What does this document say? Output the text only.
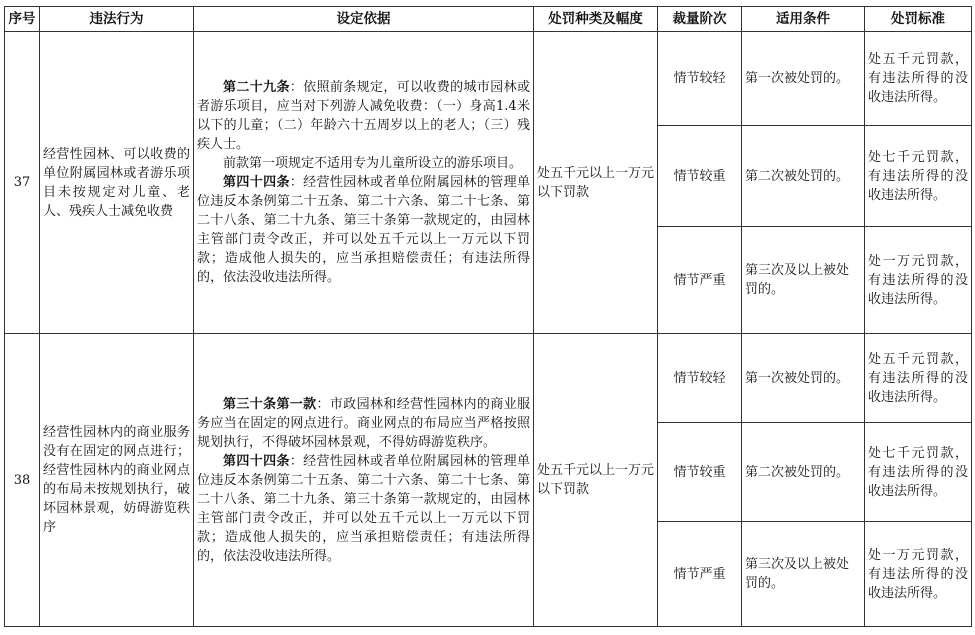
序号	违法行为	设定依据	处罚种类及幅度	裁量阶次	适用条件	处罚标准
37	经营性园林、可以收费的单位附属园林或者游乐项目未按规定对儿童、老人、残疾人士减免收费	第二十九条：依照前条规定，可以收费的城市园林或者游乐项目，应当对下列游人减免收费：（一）身高1.4米以下的儿童；（二）年龄六十五周岁以上的老人；（三）残疾人士。

前款第一项规定不适用专为儿童所设立的游乐项目。

第四十四条：经营性园林或者单位附属园林的管理单位违反本条例第二十五条、第二十六条、第二十七条、第二十八条、第二十九条、第三十条第一款规定的，由园林主管部门责令改正，并可以处五千元以上一万元以下罚款；造成他人损失的，应当承担赔偿责任；有违法所得的，依法没收违法所得。	处五千元以上一万元以下罚款	情节较轻	第一次被处罚的。	处五千元罚款，有违法所得的没收违法所得。
				情节较重	第二次被处罚的。	处七千元罚款，有违法所得的没收违法所得。
				情节严重	第三次及以上被处罚的。	处一万元罚款，有违法所得的没收违法所得。
38	经营性园林内的商业服务没有在固定的网点进行；经营性园林内的商业网点的布局未按规划执行，破坏园林景观，妨碍游览秩序	第三十条第一款：市政园林和经营性园林内的商业服务应当在固定的网点进行。商业网点的布局应当严格按照规划执行，不得破坏园林景观，不得妨碍游览秩序。

第四十四条：经营性园林或者单位附属园林的管理单位违反本条例第二十五条、第二十六条、第二十七条、第二十八条、第二十九条、第三十条第一款规定的，由园林主管部门责令改正，并可以处五千元以上一万元以下罚款；造成他人损失的，应当承担赔偿责任；有违法所得的，依法没收违法所得。	处五千元以上一万元以下罚款	情节较轻	第一次被处罚的。	处五千元罚款，有违法所得的没收违法所得。
				情节较重	第二次被处罚的。	处七千元罚款，有违法所得的没收违法所得。
				情节严重	第三次及以上被处罚的。	处一万元罚款，有违法所得的没收违法所得。
